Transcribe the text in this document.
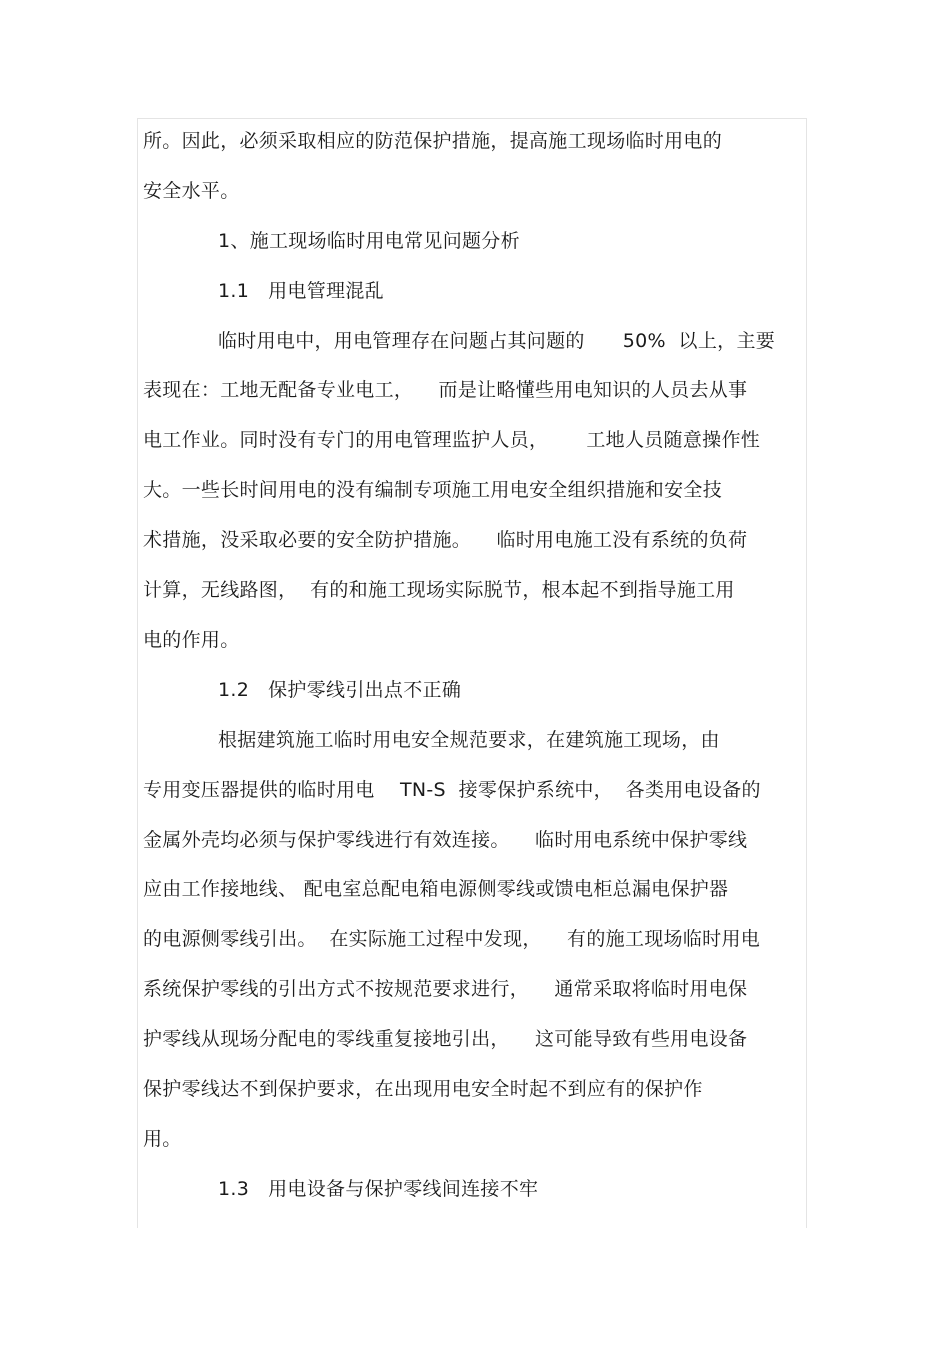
所。因此，必须采取相应的防范保护措施，提高施工现场临时用电的
安全水平。
1、施工现场临时用电常见问题分析
1.1   用电管理混乱
临时用电中，用电管理存在问题占其问题的      50%  以上，主要
表现在：工地无配备专业电工，    而是让略懂些用电知识的人员去从事
电工作业。同时没有专门的用电管理监护人员，      工地人员随意操作性
大。一些长时间用电的没有编制专项施工用电安全组织措施和安全技
术措施，没采取必要的安全防护措施。    临时用电施工没有系统的负荷
计算，无线路图，  有的和施工现场实际脱节，根本起不到指导施工用
电的作用。
1.2   保护零线引出点不正确
根据建筑施工临时用电安全规范要求，在建筑施工现场，由
专用变压器提供的临时用电    TN-S  接零保护系统中，  各类用电设备的
金属外壳均必须与保护零线进行有效连接。    临时用电系统中保护零线
应由工作接地线、 配电室总配电箱电源侧零线或馈电柜总漏电保护器
的电源侧零线引出。  在实际施工过程中发现，    有的施工现场临时用电
系统保护零线的引出方式不按规范要求进行，    通常采取将临时用电保
护零线从现场分配电的零线重复接地引出，    这可能导致有些用电设备
保护零线达不到保护要求，在出现用电安全时起不到应有的保护作
用。
1.3   用电设备与保护零线间连接不牢
